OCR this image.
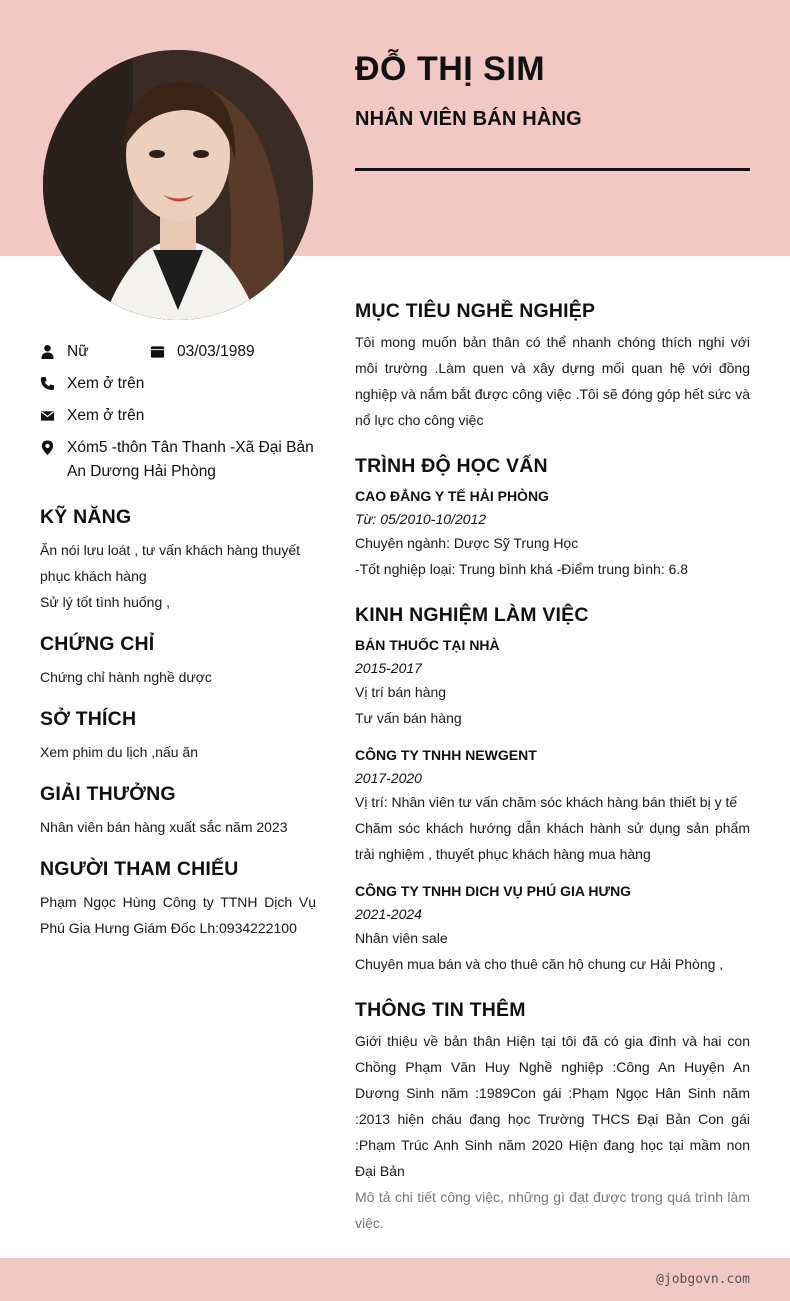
ĐỖ THỊ SIM
NHÂN VIÊN BÁN HÀNG
Nữ	03/03/1989
Xem ở trên
Xem ở trên
Xóm5 -thôn Tân Thanh -Xã Đại Bản An Dương Hải Phòng
KỸ NĂNG

Ăn nói lưu loát , tư vấn khách hàng thuyết phục khách hàng

Sử lý tốt tình huống ,

CHỨNG CHỈ

Chứng chỉ hành nghề dược

SỞ THÍCH

Xem phim du lịch ,nấu ăn

GIẢI THƯỞNG

Nhân viên bán hàng xuất sắc năm 2023

NGƯỜI THAM CHIẾU

Phạm Ngọc Hùng Công ty TTNH Dịch Vụ Phú Gia Hưng Giám Đốc Lh:0934222100

MỤC TIÊU NGHỀ NGHIỆP

Tôi mong muốn bản thân có thể nhanh chóng thích nghi với môi trường .Làm quen và xây dựng mối quan hệ với đồng nghiệp và nắm bắt được công việc .Tôi sẽ đóng góp hết sức và nổ lực cho công việc

TRÌNH ĐỘ HỌC VẤN

CAO ĐẲNG Y TẾ HẢI PHÒNG

Từ: 05/2010-10/2012

Chuyên ngành: Dược Sỹ Trung Học

-Tốt nghiệp loại: Trung bình khá -Điểm trung bình: 6.8

KINH NGHIỆM LÀM VIỆC

BÁN THUỐC TẠI NHÀ

2015-2017

Vị trí bán hàng

Tư vấn bán hàng

CÔNG TY TNHH NEWGENT

2017-2020

Vị trí: Nhân viên tư vấn chăm sóc khách hàng bán thiết bị y tế

Chăm sóc khách hướng dẫn khách hành sử dụng sản phẩm trải nghiệm , thuyết phục khách hàng mua hàng

CÔNG TY TNHH DICH VỤ PHÚ GIA HƯNG

2021-2024

Nhân viên sale

Chuyên mua bán và cho thuê căn hộ chung cư Hải Phòng ,

THÔNG TIN THÊM

Giới thiệu về bản thân Hiện tại tôi đã có gia đình và hai con Chồng Phạm Văn Huy Nghề nghiệp :Công An Huyện An Dương Sinh năm :1989Con gái :Phạm Ngọc Hân Sinh năm :2013 hiện cháu đang học Trường THCS Đại Bản Con gái :Phạm Trúc Anh Sinh năm 2020 Hiện đang học tại mầm non Đại Bản

Mô tả chi tiết công việc, những gì đạt được trong quá trình làm việc.

@jobgovn.com
